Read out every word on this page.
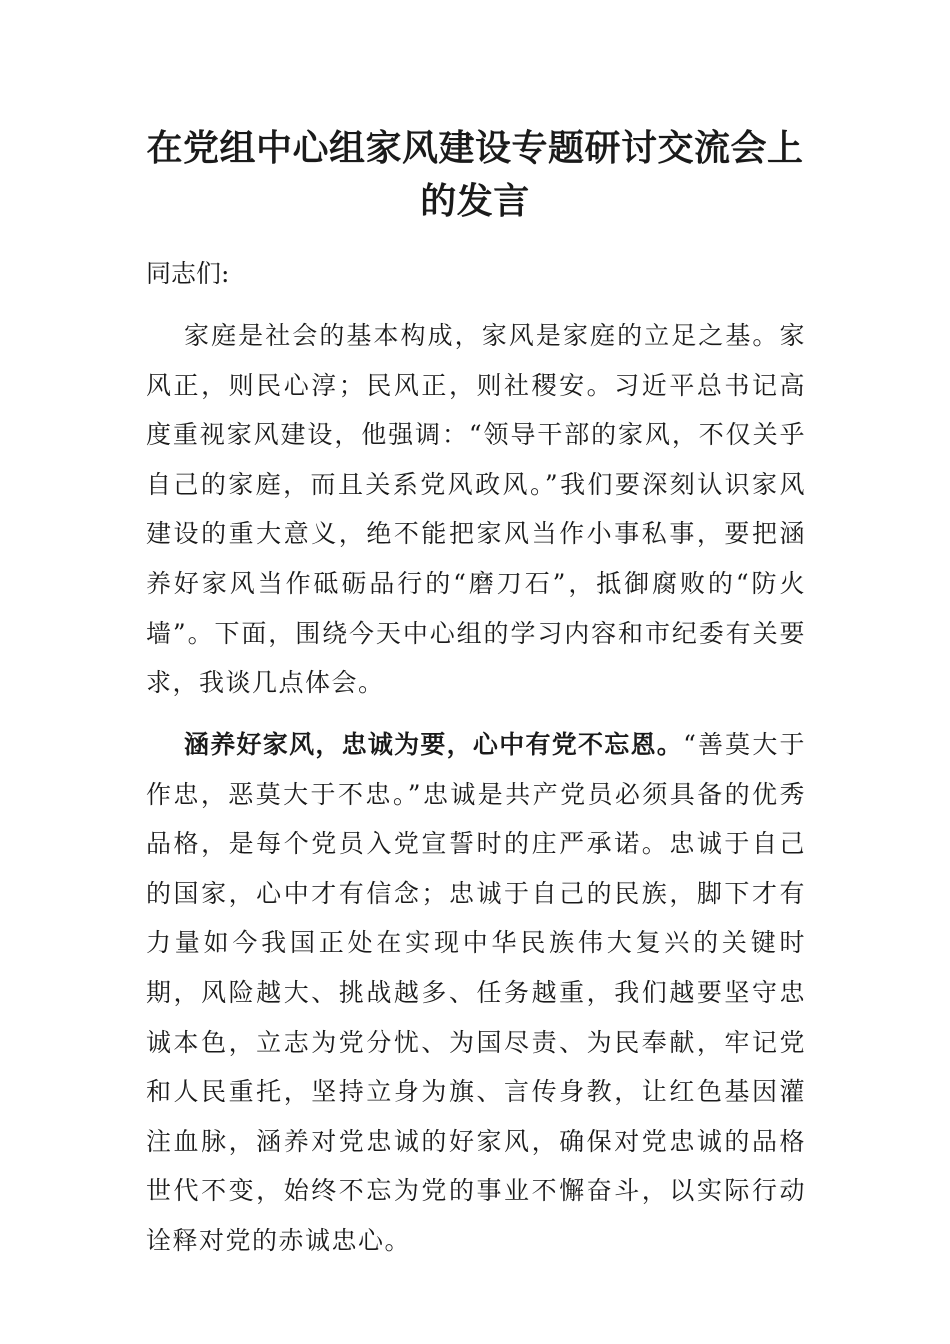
在党组中心组家风建设专题研讨交流会上的发言

同志们:

家庭是社会的基本构成，家风是家庭的立足之基。家风正，则民心淳；民风正，则社稷安。习近平总书记高度重视家风建设，他强调：“领导干部的家风，不仅关乎自己的家庭，而且关系党风政风。”我们要深刻认识家风建设的重大意义，绝不能把家风当作小事私事，要把涵养好家风当作砥砺品行的“磨刀石”，抵御腐败的“防火墙”。下面，围绕今天中心组的学习内容和市纪委有关要求，我谈几点体会。

涵养好家风，忠诚为要，心中有党不忘恩。“善莫大于作忠，恶莫大于不忠。”忠诚是共产党员必须具备的优秀品格，是每个党员入党宣誓时的庄严承诺。忠诚于自己的国家，心中才有信念；忠诚于自己的民族，脚下才有力量如今我国正处在实现中华民族伟大复兴的关键时期，风险越大、挑战越多、任务越重，我们越要坚守忠诚本色，立志为党分忧、为国尽责、为民奉献，牢记党和人民重托，坚持立身为旗、言传身教，让红色基因灌注血脉，涵养对党忠诚的好家风，确保对党忠诚的品格世代不变，始终不忘为党的事业不懈奋斗，以实际行动诠释对党的赤诚忠心。
